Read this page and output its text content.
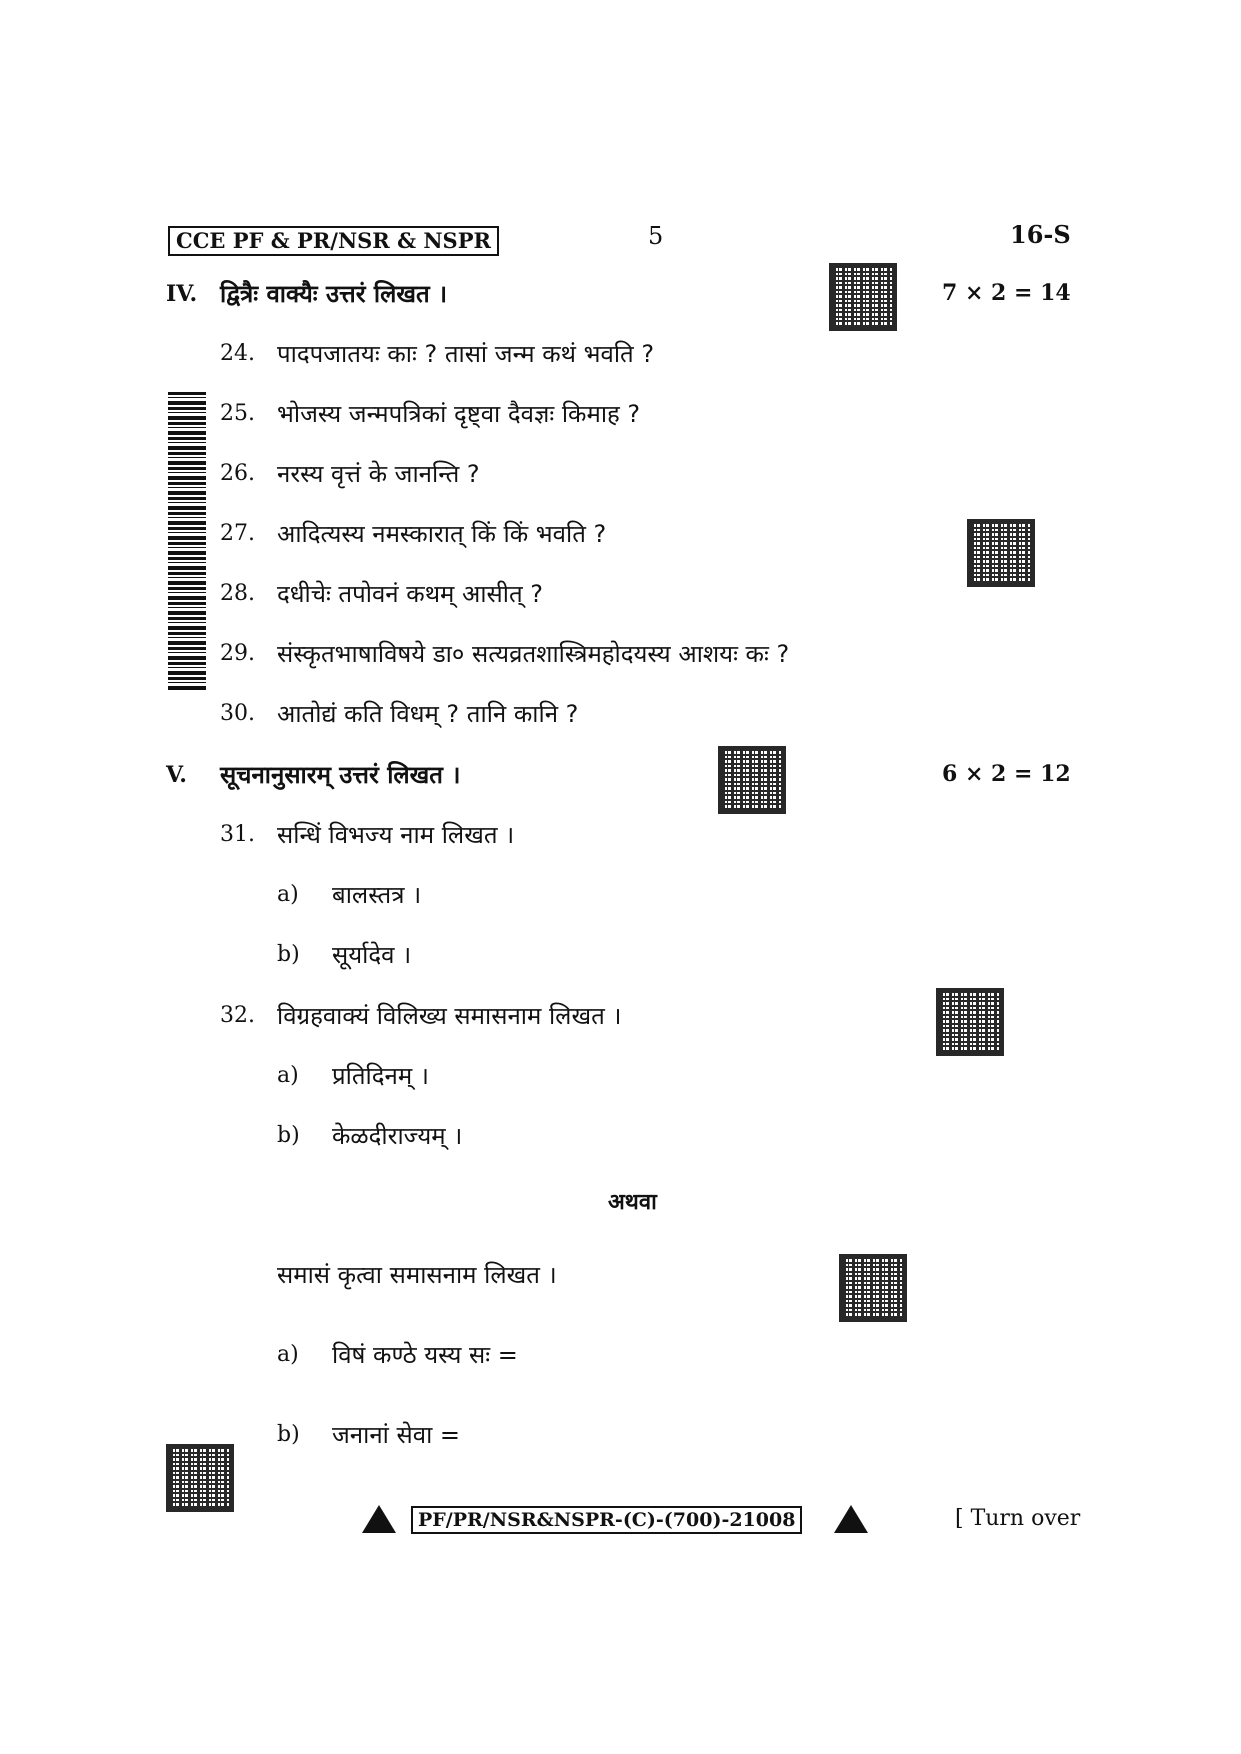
CCE PF & PR/NSR & NSPR	5	16-S
IV. द्वित्रैः वाक्यैः उत्तरं लिखत ।	7 × 2 = 14
24. पादपजातयः काः ? तासां जन्म कथं भवति ?
25. भोजस्य जन्मपत्रिकां दृष्ट्वा दैवज्ञः किमाह ?
26. नरस्य वृत्तं के जानन्ति ?
27. आदित्यस्य नमस्कारात् किं किं भवति ?
28. दधीचेः तपोवनं कथम् आसीत् ?
29. संस्कृतभाषाविषये डा० सत्यव्रतशास्त्रिमहोदयस्य आशयः कः ?
30. आतोद्यं कति विधम् ? तानि कानि ?
V. सूचनानुसारम् उत्तरं लिखत ।	6 × 2 = 12
31. सन्धिं विभज्य नाम लिखत ।
a) बालस्तत्र ।
b) सूर्यादेव ।
32. विग्रहवाक्यं विलिख्य समासनाम लिखत ।
a) प्रतिदिनम् ।
b) केळदीराज्यम् ।
अथवा
समासं कृत्वा समासनाम लिखत ।
a) विषं कण्ठे यस्य सः =
b) जनानां सेवा =
PF/PR/NSR&NSPR-(C)-(700)-21008	[ Turn over
